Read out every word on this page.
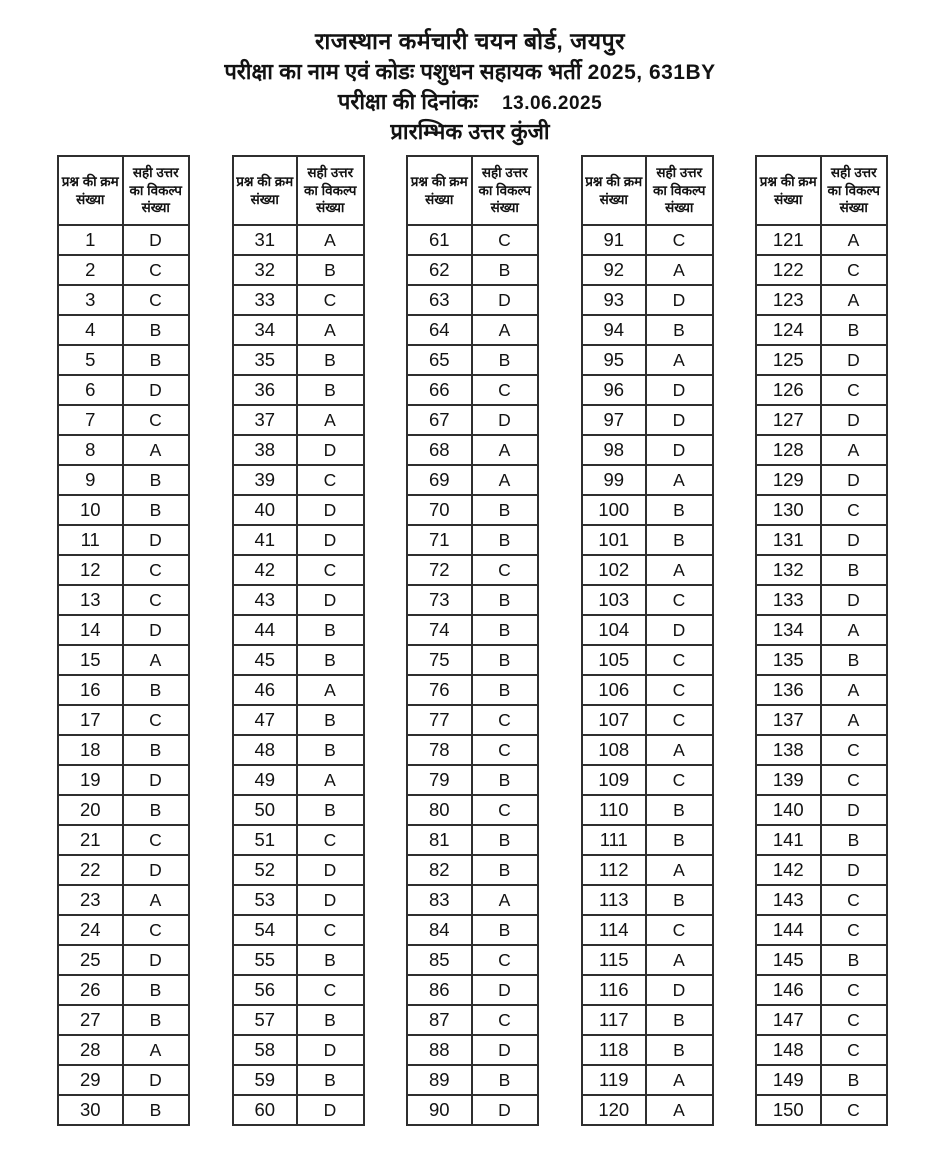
राजस्थान कर्मचारी चयन बोर्ड, जयपुर
परीक्षा का नाम एवं कोडः पशुधन सहायक भर्ती 2025, 631BY
परीक्षा की दिनांकः 13.06.2025
प्रारम्भिक उत्तर कुंजी
प्रश्न की क्रम संख्या
सही उत्तर का विकल्प संख्या
1	D
2	C
3	C
4	B
5	B
6	D
7	C
8	A
9	B
10	B
11	D
12	C
13	C
14	D
15	A
16	B
17	C
18	B
19	D
20	B
21	C
22	D
23	A
24	C
25	D
26	B
27	B
28	A
29	D
30	B
प्रश्न की क्रम संख्या
सही उत्तर का विकल्प संख्या
31	A
32	B
33	C
34	A
35	B
36	B
37	A
38	D
39	C
40	D
41	D
42	C
43	D
44	B
45	B
46	A
47	B
48	B
49	A
50	B
51	C
52	D
53	D
54	C
55	B
56	C
57	B
58	D
59	B
60	D
प्रश्न की क्रम संख्या
सही उत्तर का विकल्प संख्या
61	C
62	B
63	D
64	A
65	B
66	C
67	D
68	A
69	A
70	B
71	B
72	C
73	B
74	B
75	B
76	B
77	C
78	C
79	B
80	C
81	B
82	B
83	A
84	B
85	C
86	D
87	C
88	D
89	B
90	D
प्रश्न की क्रम संख्या
सही उत्तर का विकल्प संख्या
91	C
92	A
93	D
94	B
95	A
96	D
97	D
98	D
99	A
100	B
101	B
102	A
103	C
104	D
105	C
106	C
107	C
108	A
109	C
110	B
111	B
112	A
113	B
114	C
115	A
116	D
117	B
118	B
119	A
120	A
प्रश्न की क्रम संख्या
सही उत्तर का विकल्प संख्या
121	A
122	C
123	A
124	B
125	D
126	C
127	D
128	A
129	D
130	C
131	D
132	B
133	D
134	A
135	B
136	A
137	A
138	C
139	C
140	D
141	B
142	D
143	C
144	C
145	B
146	C
147	C
148	C
149	B
150	C
